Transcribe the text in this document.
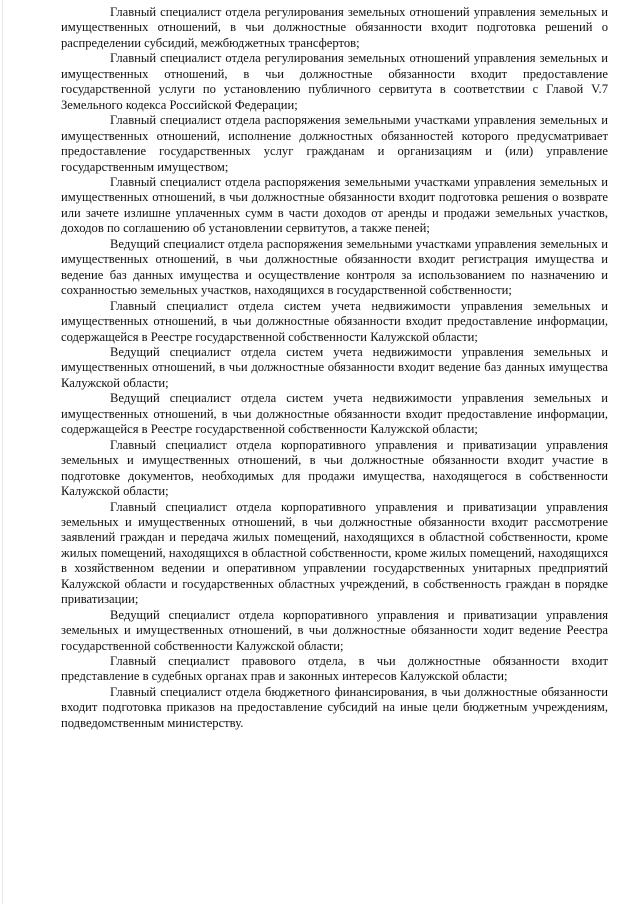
Главный специалист отдела регулирования земельных отношений управления земельных и имущественных отношений, в чьи должностные обязанности входит подготовка решений о распределении субсидий, межбюджетных трансфертов;

Главный специалист отдела регулирования земельных отношений управления земельных и имущественных отношений, в чьи должностные обязанности входит предоставление государственной услуги по установлению публичного сервитута в соответствии с Главой V.7 Земельного кодекса Российской Федерации;

Главный специалист отдела распоряжения земельными участками управления земельных и имущественных отношений, исполнение должностных обязанностей которого предусматривает предоставление государственных услуг гражданам и организациям и (или) управление государственным имуществом;

Главный специалист отдела распоряжения земельными участками управления земельных и имущественных отношений, в чьи должностные обязанности входит подготовка решения о возврате или зачете излишне уплаченных сумм в части доходов от аренды и продажи земельных участков, доходов по соглашению об установлении сервитутов, а также пеней;

Ведущий специалист отдела распоряжения земельными участками управления земельных и имущественных отношений, в чьи должностные обязанности входит регистрация имущества и ведение баз данных имущества и осуществление контроля за использованием по назначению и сохранностью земельных участков, находящихся в государственной собственности;

Главный специалист отдела систем учета недвижимости управления земельных и имущественных отношений, в чьи должностные обязанности входит предоставление информации, содержащейся в Реестре государственной собственности Калужской области;

Ведущий специалист отдела систем учета недвижимости управления земельных и имущественных отношений, в чьи должностные обязанности входит ведение баз данных имущества Калужской области;

Ведущий специалист отдела систем учета недвижимости управления земельных и имущественных отношений, в чьи должностные обязанности входит предоставление информации, содержащейся в Реестре государственной собственности Калужской области;

Главный специалист отдела корпоративного управления и приватизации управления земельных и имущественных отношений, в чьи должностные обязанности входит участие в подготовке документов, необходимых для продажи имущества, находящегося в собственности Калужской области;

Главный специалист отдела корпоративного управления и приватизации управления земельных и имущественных отношений, в чьи должностные обязанности входит рассмотрение заявлений граждан и передача жилых помещений, находящихся в областной собственности, кроме жилых помещений, находящихся в областной собственности, кроме жилых помещений, находящихся в хозяйственном ведении и оперативном управлении государственных унитарных предприятий Калужской области и государственных областных учреждений, в собственность граждан в порядке приватизации;

Ведущий специалист отдела корпоративного управления и приватизации управления земельных и имущественных отношений, в чьи должностные обязанности ходит ведение Реестра государственной собственности Калужской области;

Главный специалист правового отдела, в чьи должностные обязанности входит представление в судебных органах прав и законных интересов Калужской области;

Главный специалист отдела бюджетного финансирования, в чьи должностные обязанности входит подготовка приказов на предоставление субсидий на иные цели бюджетным учреждениям, подведомственным министерству.
